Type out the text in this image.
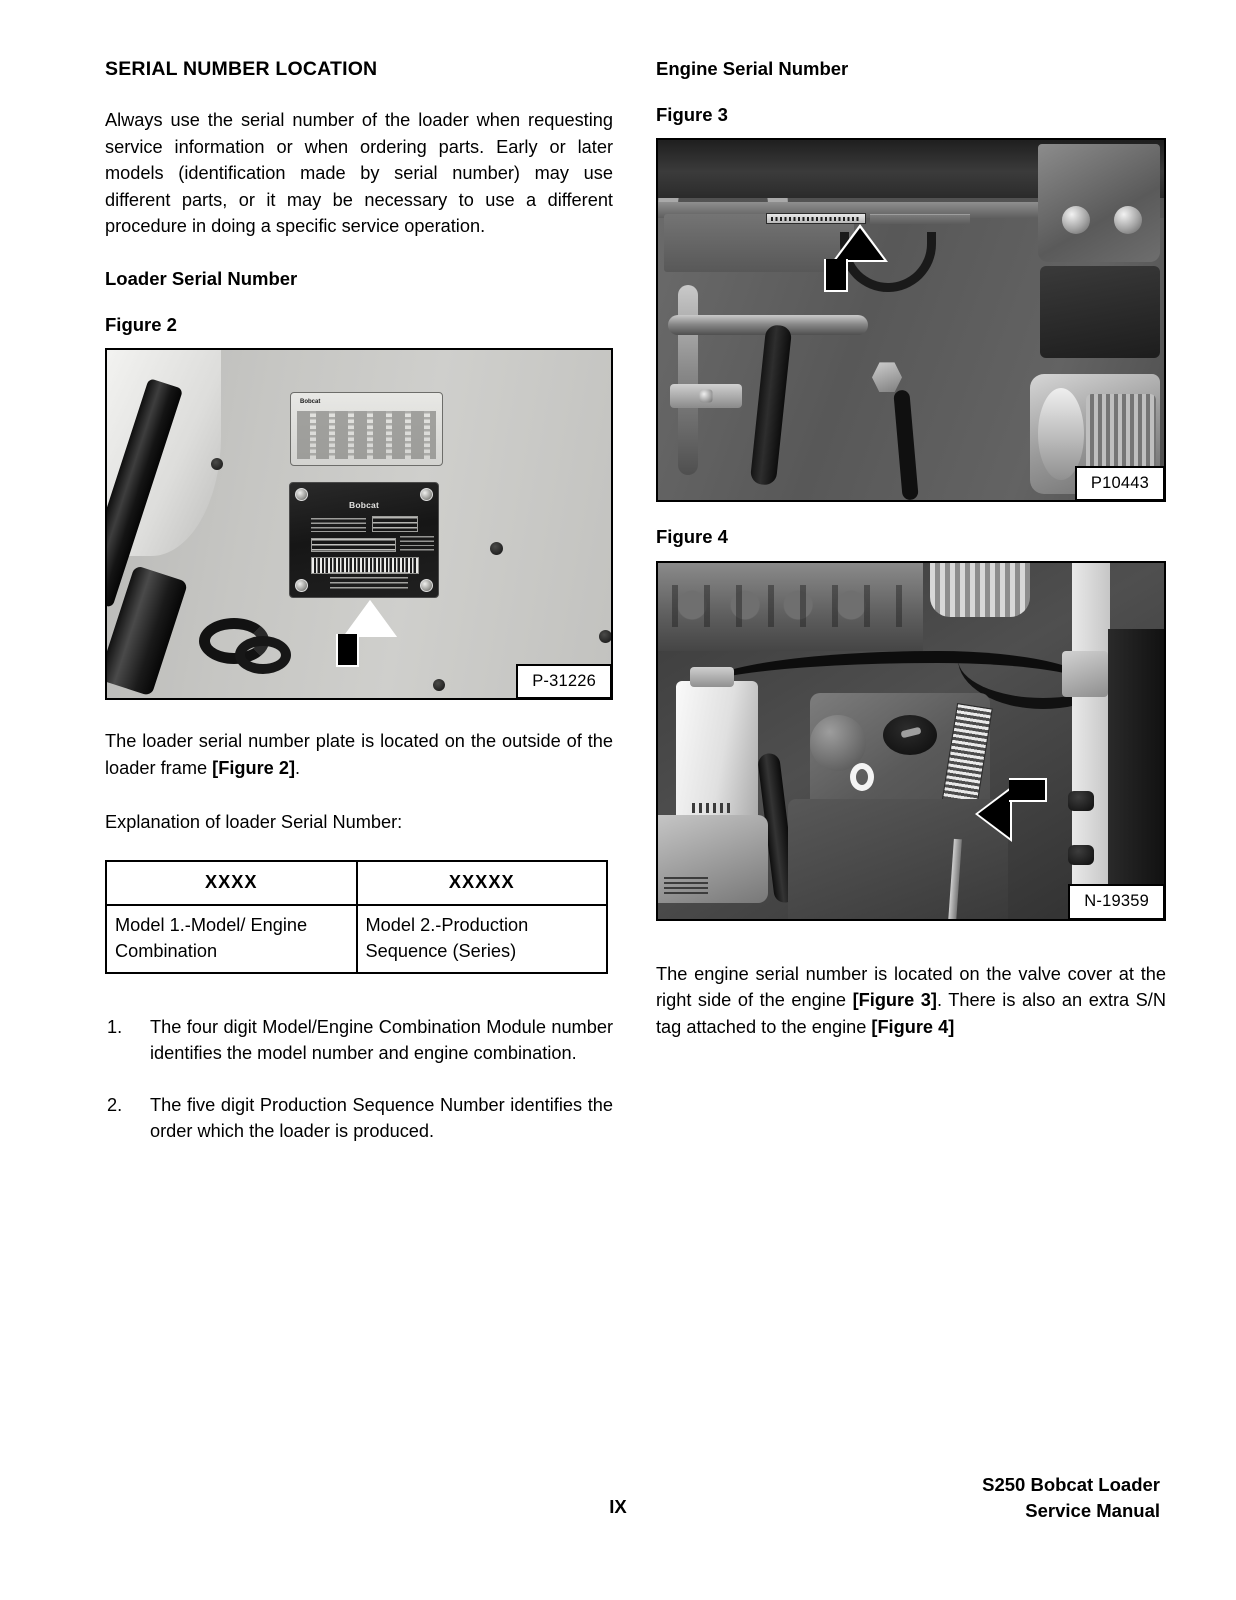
SERIAL NUMBER LOCATION

Always use the serial number of the loader when requesting service information or when ordering parts. Early or later models (identification made by serial number) may use different parts, or it may be necessary to use a different procedure in doing a specific service operation.

Loader Serial Number
Figure 2
Bobcat
Bobcat
P-31226

The loader serial number plate is located on the outside of the loader frame [Figure 2].

Explanation of loader Serial Number:

XXXX	XXXXX
Model 1.-Model/ Engine Combination	Model 2.-Production Sequence (Series)
1.	The four digit Model/Engine Combination Module number identifies the model number and engine combination.
2.	The five digit Production Sequence Number identifies the order which the loader is produced.
Engine Serial Number
Figure 3
P10443
Figure 4
N-19359

The engine serial number is located on the valve cover at the right side of the engine [Figure 3]. There is also an extra S/N tag attached to the engine [Figure 4]

IX
S250 Bobcat Loader
Service Manual
